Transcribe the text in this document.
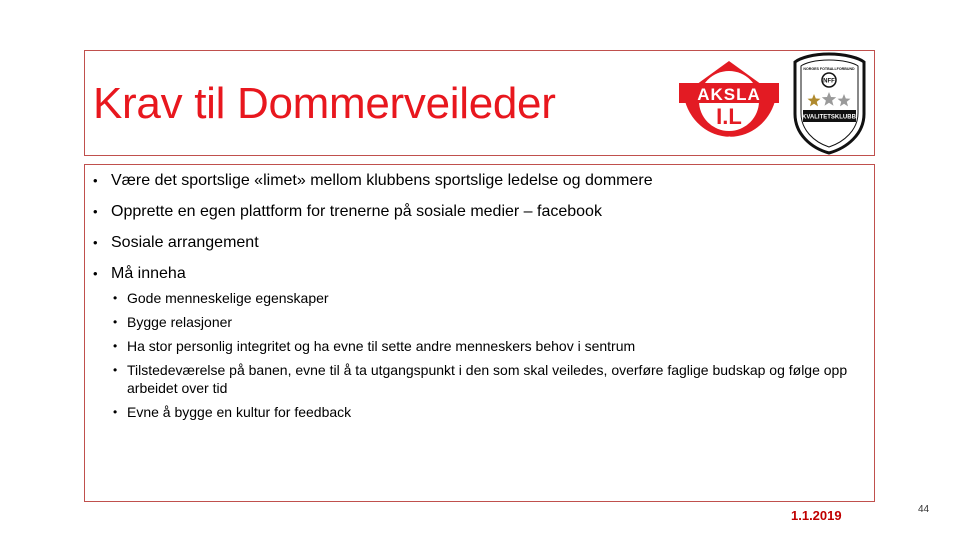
Krav til Dommerveileder	AKSLA
I.L
STIFTA 1928
NORGES FOTBALLFORBUND
NFF
KVALITETSKLUBB
• Være det sportslige «limet» mellom klubbens sportslige ledelse og dommere
• Opprette en egen plattform for trenerne på sosiale medier – facebook
• Sosiale arrangement
• Må inneha
• Gode menneskelige egenskaper
• Bygge relasjoner
• Ha stor personlig integritet og ha evne til sette andre menneskers behov i sentrum
• Tilstedeværelse på banen, evne til å ta utgangspunkt i den som skal veiledes, overføre faglige budskap og følge opp arbeidet over tid
• Evne å bygge en kultur for feedback
1.1.2019	44
